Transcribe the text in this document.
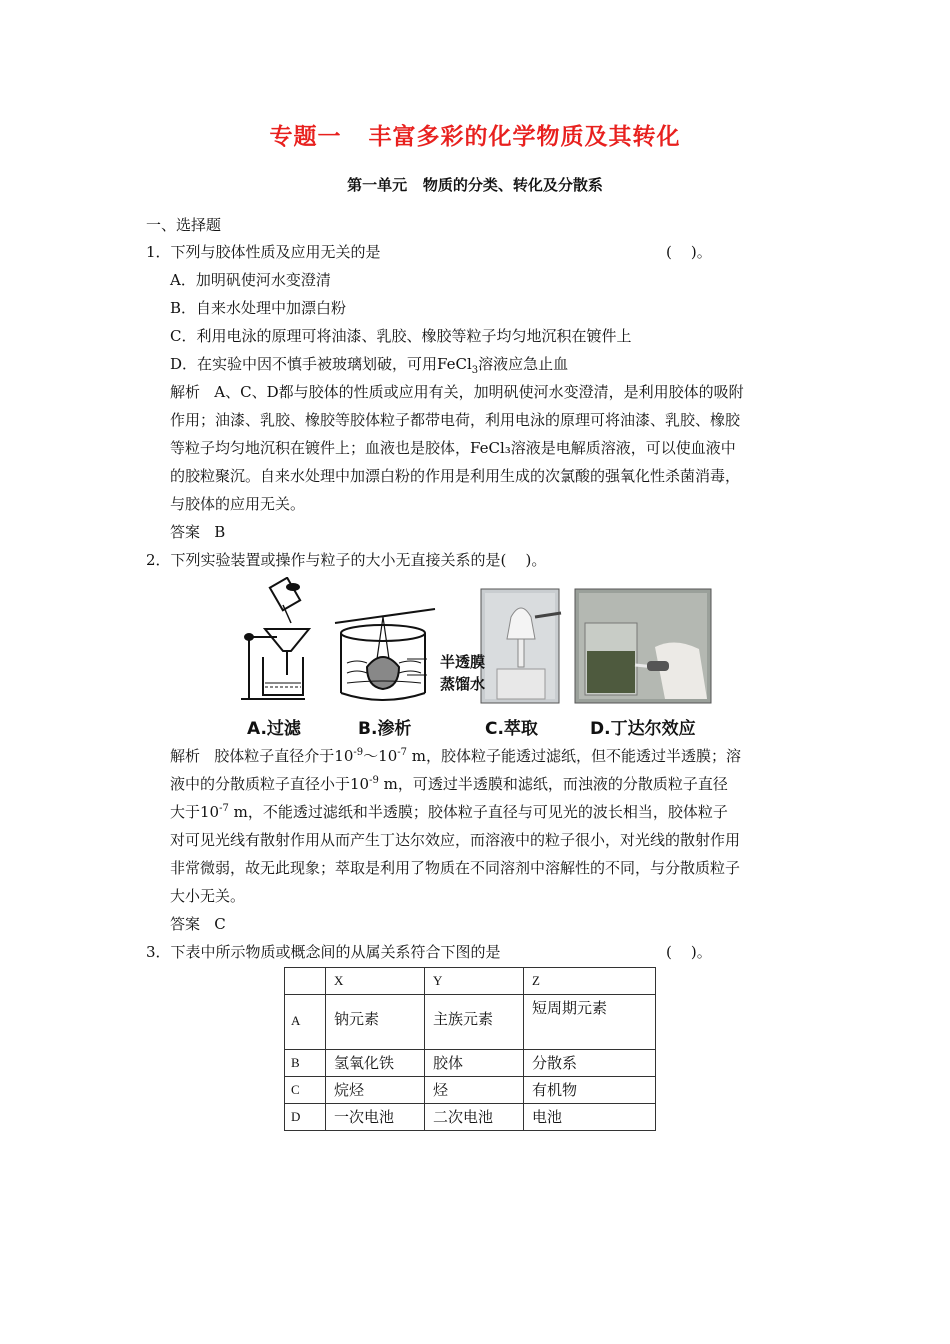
专题一   丰富多彩的化学物质及其转化
第一单元   物质的分类、转化及分散系
一、选择题
1．下列与胶体性质及应用无关的是	(    )。
A．加明矾使河水变澄清
B．自来水处理中加漂白粉
C．利用电泳的原理可将油漆、乳胶、橡胶等粒子均匀地沉积在镀件上
D．在实验中因不慎手被玻璃划破，可用FeCl$_3$溶液应急止血
解析   A、C、D都与胶体的性质或应用有关，加明矾使河水变澄清，是利用胶体的吸附
作用；油漆、乳胶、橡胶等胶体粒子都带电荷，利用电泳的原理可将油漆、乳胶、橡胶
等粒子均匀地沉积在镀件上；血液也是胶体，FeCl₃溶液是电解质溶液，可以使血液中
的胶粒聚沉。自来水处理中加漂白粉的作用是利用生成的次氯酸的强氧化性杀菌消毒，
与胶体的应用无关。
答案   B
2．下列实验装置或操作与粒子的大小无直接关系的是(    )。
半透膜
蒸馏水
A.过滤	B.渗析	C.萃取	D.丁达尔效应
解析   胶体粒子直径介于$10^{-9}\sim 10^{-7}$ m，胶体粒子能透过滤纸，但不能透过半透膜；溶
液中的分散质粒子直径小于$10^{-9}$ m，可透过半透膜和滤纸，而浊液的分散质粒子直径
大于$10^{-7}$ m，不能透过滤纸和半透膜；胶体粒子直径与可见光的波长相当，胶体粒子
对可见光线有散射作用从而产生丁达尔效应，而溶液中的粒子很小，对光线的散射作用
非常微弱，故无此现象；萃取是利用了物质在不同溶剂中溶解性的不同，与分散质粒子
大小无关。
答案   C
3．下表中所示物质或概念间的从属关系符合下图的是	(    )。
	X	Y	Z
A	钠元素	主族元素	短周期元素
B	氢氧化铁	胶体	分散系
C	烷烃	烃	有机物
D	一次电池	二次电池	电池
